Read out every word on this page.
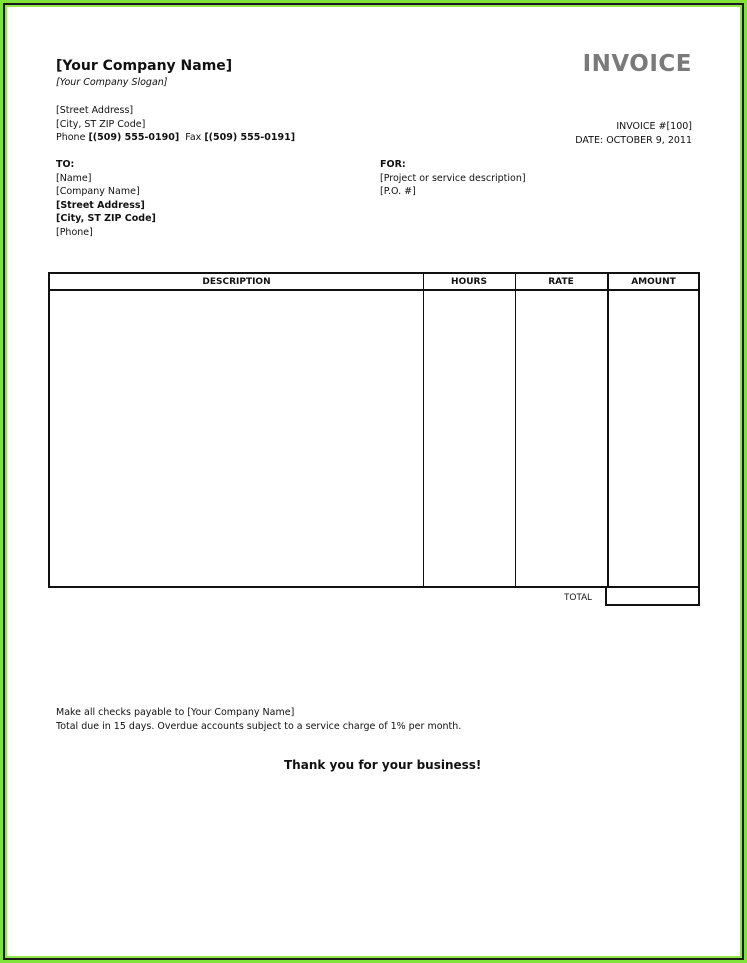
[Your Company Name]
[Your Company Slogan]
[Street Address]
[City, ST ZIP Code]
Phone [(509) 555-0190] Fax [(509) 555-0191]
INVOICE
INVOICE #[100]
DATE: OCTOBER 9, 2011
TO:
[Name]
[Company Name]
[Street Address]
[City, ST ZIP Code]
[Phone]
FOR:
[Project or service description]
[P.O. #]
DESCRIPTION	HOURS	RATE	AMOUNT
TOTAL
Make all checks payable to [Your Company Name]
Total due in 15 days. Overdue accounts subject to a service charge of 1% per month.
Thank you for your business!
